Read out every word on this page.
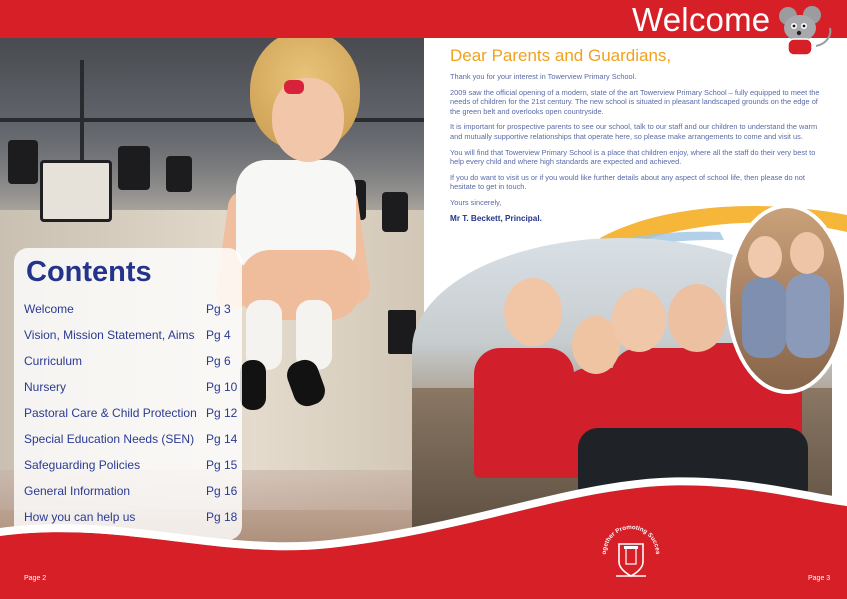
Contents
Welcome	Pg 3
Vision, Mission Statement, Aims Pg 4
Curriculum	Pg 6
Nursery	Pg 10
Pastoral Care & Child Protection Pg 12
Special Education Needs (SEN) Pg 14
Safeguarding Policies	Pg 15
General Information	Pg 16
How you can help us	Pg 18
Welcome
Dear Parents and Guardians,

Thank you for your interest in Towerview Primary School.

2009 saw the official opening of a modern, state of the art Towerview Primary School – fully equipped to meet the needs of children for the 21st century. The new school is situated in pleasant landscaped grounds on the edge of the green belt and overlooks open countryside.

It is important for prospective parents to see our school, talk to our staff and our children to understand the warm and mutually supportive relationships that operate here, so please make arrangements to come and visit us.

You will find that Towerview Primary School is a place that children enjoy, where all the staff do their very best to help every child and where high standards are expected and achieved.

If you do want to visit us or if you would like further details about any aspect of school life, then please do not hesitate to get in touch.

Yours sincerely,

Mr T. Beckett, Principal.

ogether Promoting Succes
Page 2	Page 3
